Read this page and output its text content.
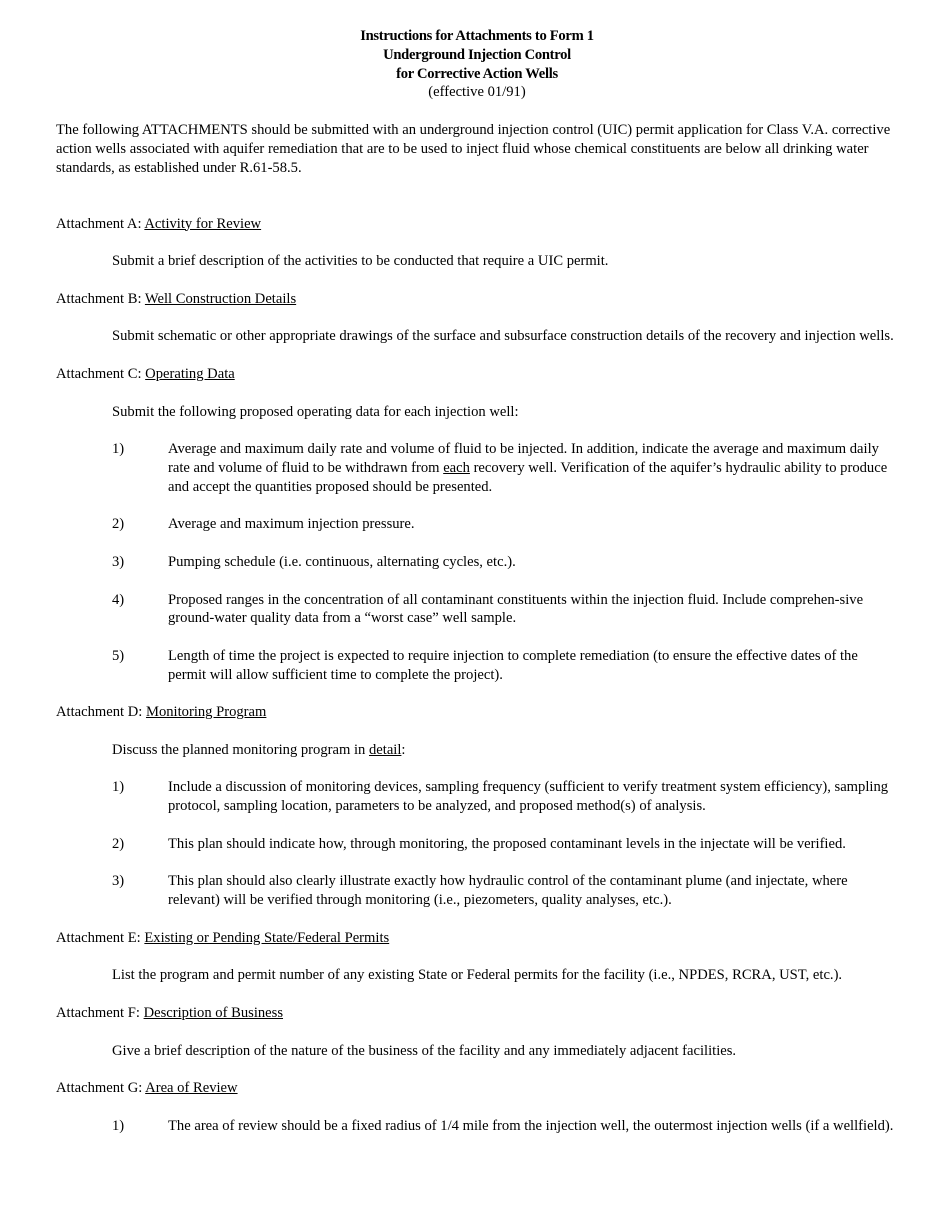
Instructions for Attachments to Form 1
Underground Injection Control
for Corrective Action Wells
(effective 01/91)

The following ATTACHMENTS should be submitted with an underground injection control (UIC) permit application for Class V.A. corrective action wells associated with aquifer remediation that are to be used to inject fluid whose chemical constituents are below all drinking water standards, as established under R.61-58.5.

Attachment A: Activity for Review
Submit a brief description of the activities to be conducted that require a UIC permit.
Attachment B: Well Construction Details
Submit schematic or other appropriate drawings of the surface and subsurface construction details of the recovery and injection wells.
Attachment C: Operating Data
Submit the following proposed operating data for each injection well:
1)	Average and maximum daily rate and volume of fluid to be injected. In addition, indicate the average and maximum daily rate and volume of fluid to be withdrawn from each recovery well. Verification of the aquifer’s hydraulic ability to produce and accept the quantities proposed should be presented.
2)	Average and maximum injection pressure.
3)	Pumping schedule (i.e. continuous, alternating cycles, etc.).
4)	Proposed ranges in the concentration of all contaminant constituents within the injection fluid. Include comprehen-sive ground-water quality data from a “worst case” well sample.
5)	Length of time the project is expected to require injection to complete remediation (to ensure the effective dates of the permit will allow sufficient time to complete the project).
Attachment D: Monitoring Program
Discuss the planned monitoring program in detail:
1)	Include a discussion of monitoring devices, sampling frequency (sufficient to verify treatment system efficiency), sampling protocol, sampling location, parameters to be analyzed, and proposed method(s) of analysis.
2)	This plan should indicate how, through monitoring, the proposed contaminant levels in the injectate will be verified.
3)	This plan should also clearly illustrate exactly how hydraulic control of the contaminant plume (and injectate, where relevant) will be verified through monitoring (i.e., piezometers, quality analyses, etc.).
Attachment E: Existing or Pending State/Federal Permits
List the program and permit number of any existing State or Federal permits for the facility (i.e., NPDES, RCRA, UST, etc.).
Attachment F: Description of Business
Give a brief description of the nature of the business of the facility and any immediately adjacent facilities.
Attachment G: Area of Review
1)	The area of review should be a fixed radius of 1/4 mile from the injection well, the outermost injection wells (if a wellfield).
